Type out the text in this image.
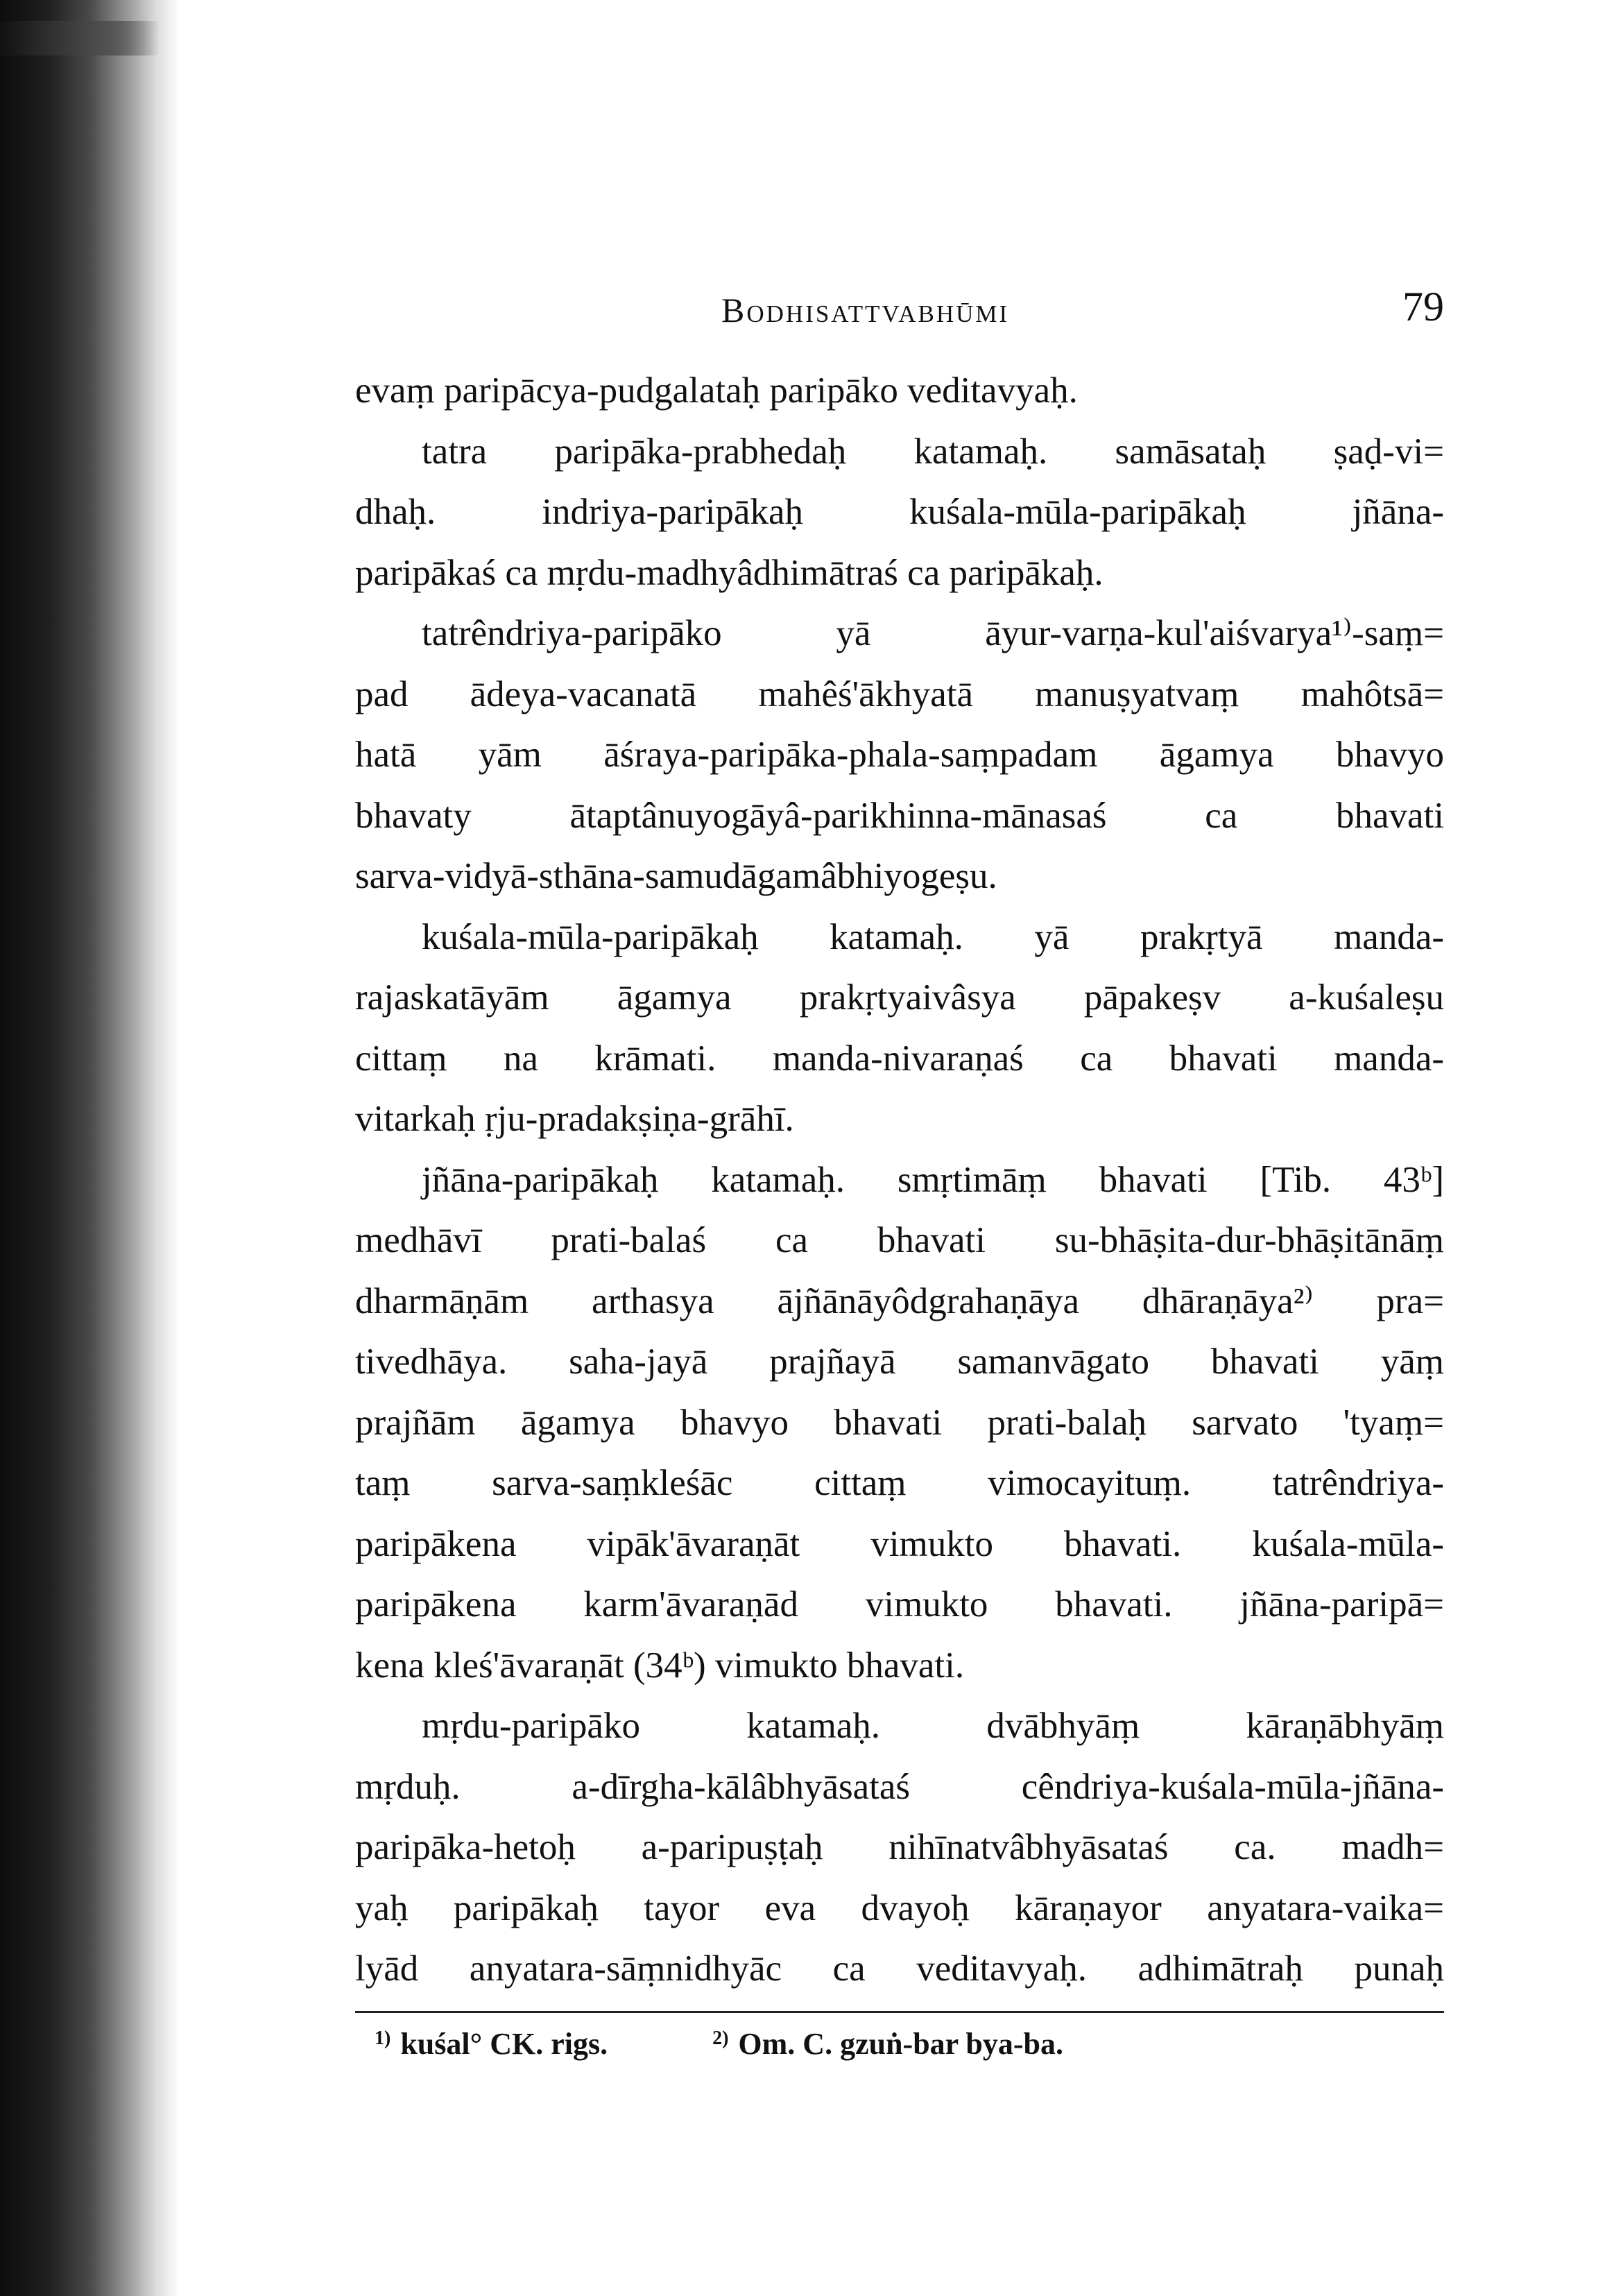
Bodhisattvabhūmi	79
evaṃ paripācya-pudgalataḥ paripāko veditavyaḥ.
tatra paripāka-prabhedaḥ katamaḥ. samāsataḥ ṣaḍ-vi=
dhaḥ. indriya-paripākaḥ kuśala-mūla-paripākaḥ jñāna-
paripākaś ca mṛdu-madhyâdhimātraś ca paripākaḥ.
tatrêndriya-paripāko yā āyur-varṇa-kul'aiśvarya¹⁾-saṃ=
pad ādeya-vacanatā mahêś'ākhyatā manuṣyatvaṃ mahôtsā=
hatā yām āśraya-paripāka-phala-saṃpadam āgamya bhavyo
bhavaty ātaptânuyogāyâ-parikhinna-mānasaś ca bhavati
sarva-vidyā-sthāna-samudāgamâbhiyogeṣu.
kuśala-mūla-paripākaḥ katamaḥ. yā prakṛtyā manda-
rajaskatāyām āgamya prakṛtyaivâsya pāpakeṣv a-kuśaleṣu
cittaṃ na krāmati. manda-nivaraṇaś ca bhavati manda-
vitarkaḥ ṛju-pradakṣiṇa-grāhī.
jñāna-paripākaḥ katamaḥ. smṛtimāṃ bhavati [Tib. 43ᵇ]
medhāvī prati-balaś ca bhavati su-bhāṣita-dur-bhāṣitānāṃ
dharmāṇām arthasya ājñānāyôdgrahaṇāya dhāraṇāya²⁾ pra=
tivedhāya. saha-jayā prajñayā samanvāgato bhavati yāṃ
prajñām āgamya bhavyo bhavati prati-balaḥ sarvato 'tyaṃ=
taṃ sarva-saṃkleśāc cittaṃ vimocayituṃ. tatrêndriya-
paripākena vipāk'āvaraṇāt vimukto bhavati. kuśala-mūla-
paripākena karm'āvaraṇād vimukto bhavati. jñāna-paripā=
kena kleś'āvaraṇāt (34ᵇ) vimukto bhavati.
mṛdu-paripāko katamaḥ. dvābhyāṃ kāraṇābhyāṃ
mṛduḥ. a-dīrgha-kālâbhyāsataś cêndriya-kuśala-mūla-jñāna-
paripāka-hetoḥ a-paripuṣṭaḥ nihīnatvâbhyāsataś ca. madh=
yaḥ paripākaḥ tayor eva dvayoḥ kāraṇayor anyatara-vaika=
lyād anyatara-sāṃnidhyāc ca veditavyaḥ. adhimātraḥ punaḥ
$^{1)}$ kuśal° CK. rigs.	$^{2)}$ Om. C. gzuṅ-bar bya-ba.
